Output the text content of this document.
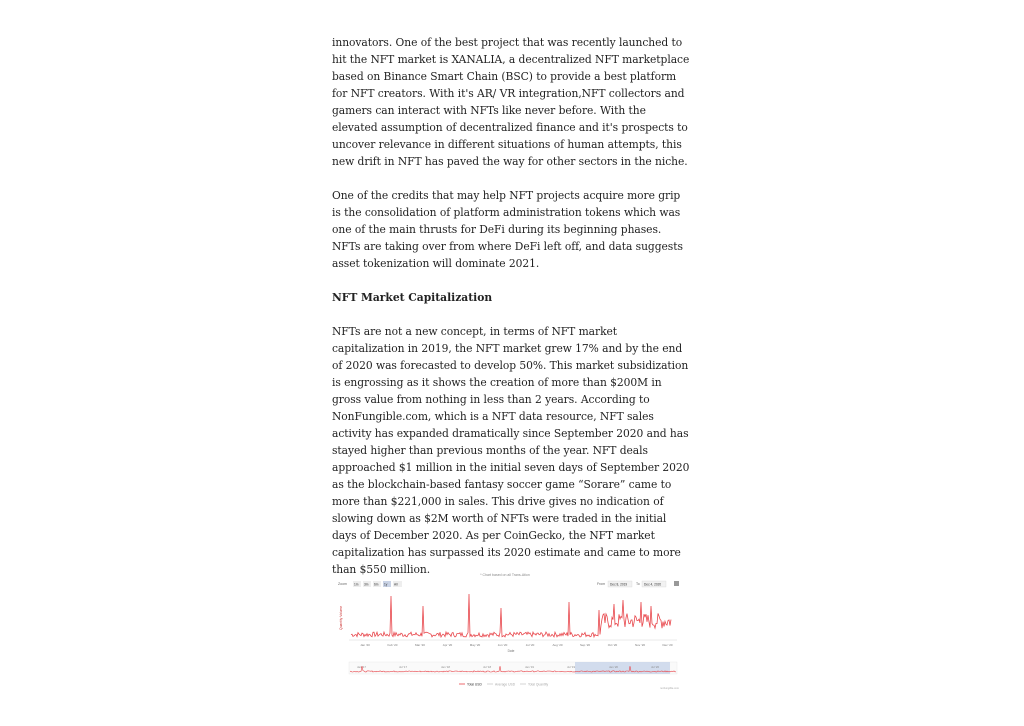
innovators. One of the best project that was recently launched to hit the NFT market is XANALIA, a decentralized NFT marketplace based on Binance Smart Chain (BSC) to provide a best platform for NFT creators. With it's AR/ VR integration,NFT collectors and gamers can interact with NFTs like never before. With the elevated assumption of decentralized finance and it's prospects to uncover relevance in different situations of human attempts, this new drift in NFT has paved the way for other sectors in the niche.

One of the credits that may help NFT projects acquire more grip is the consolidation of platform administration tokens which was one of the main thrusts for DeFi during its beginning phases. NFTs are taking over from where DeFi left off, and data suggests asset tokenization will dominate 2021.

NFT Market Capitalization

NFTs are not a new concept, in terms of NFT market capitalization in 2019, the NFT market grew 17% and by the end of 2020 was forecasted to develop 50%. This market subsidization is engrossing as it shows the creation of more than $200M in gross value from nothing in less than 2 years. According to NonFungible.com, which is a NFT data resource, NFT sales activity has expanded dramatically since September 2020 and has stayed higher than previous months of the year. NFT deals approached $1 million in the initial seven days of September 2020 as the blockchain-based fantasy soccer game “Sorare” came to more than $221,000 in sales. This drive gives no indication of slowing down as $2M worth of NFTs were traded in the initial days of December 2020. As per CoinGecko, the NFT market capitalization has surpassed its 2020 estimate and came to more than $550 million.	* Chart based on all Trans-Ation
Zoom 1m 3m 6m 1y All	From Dec 8, 2019	To Dec 4, 2020
Quantity Volume
Jan '20	Feb '20	Mar '20	Apr '20	May '20	Jun '20	Jul '20	Aug '20	Sep '20	Oct '20	Nov '20	Dec '20
Date
Jan '17	Jul '17	Jan '18	Jul '18	Jan '19	Jul '19	Jan '20	Jul '20
Total USD	Average USD	Total Quantity
nonfungible.com
